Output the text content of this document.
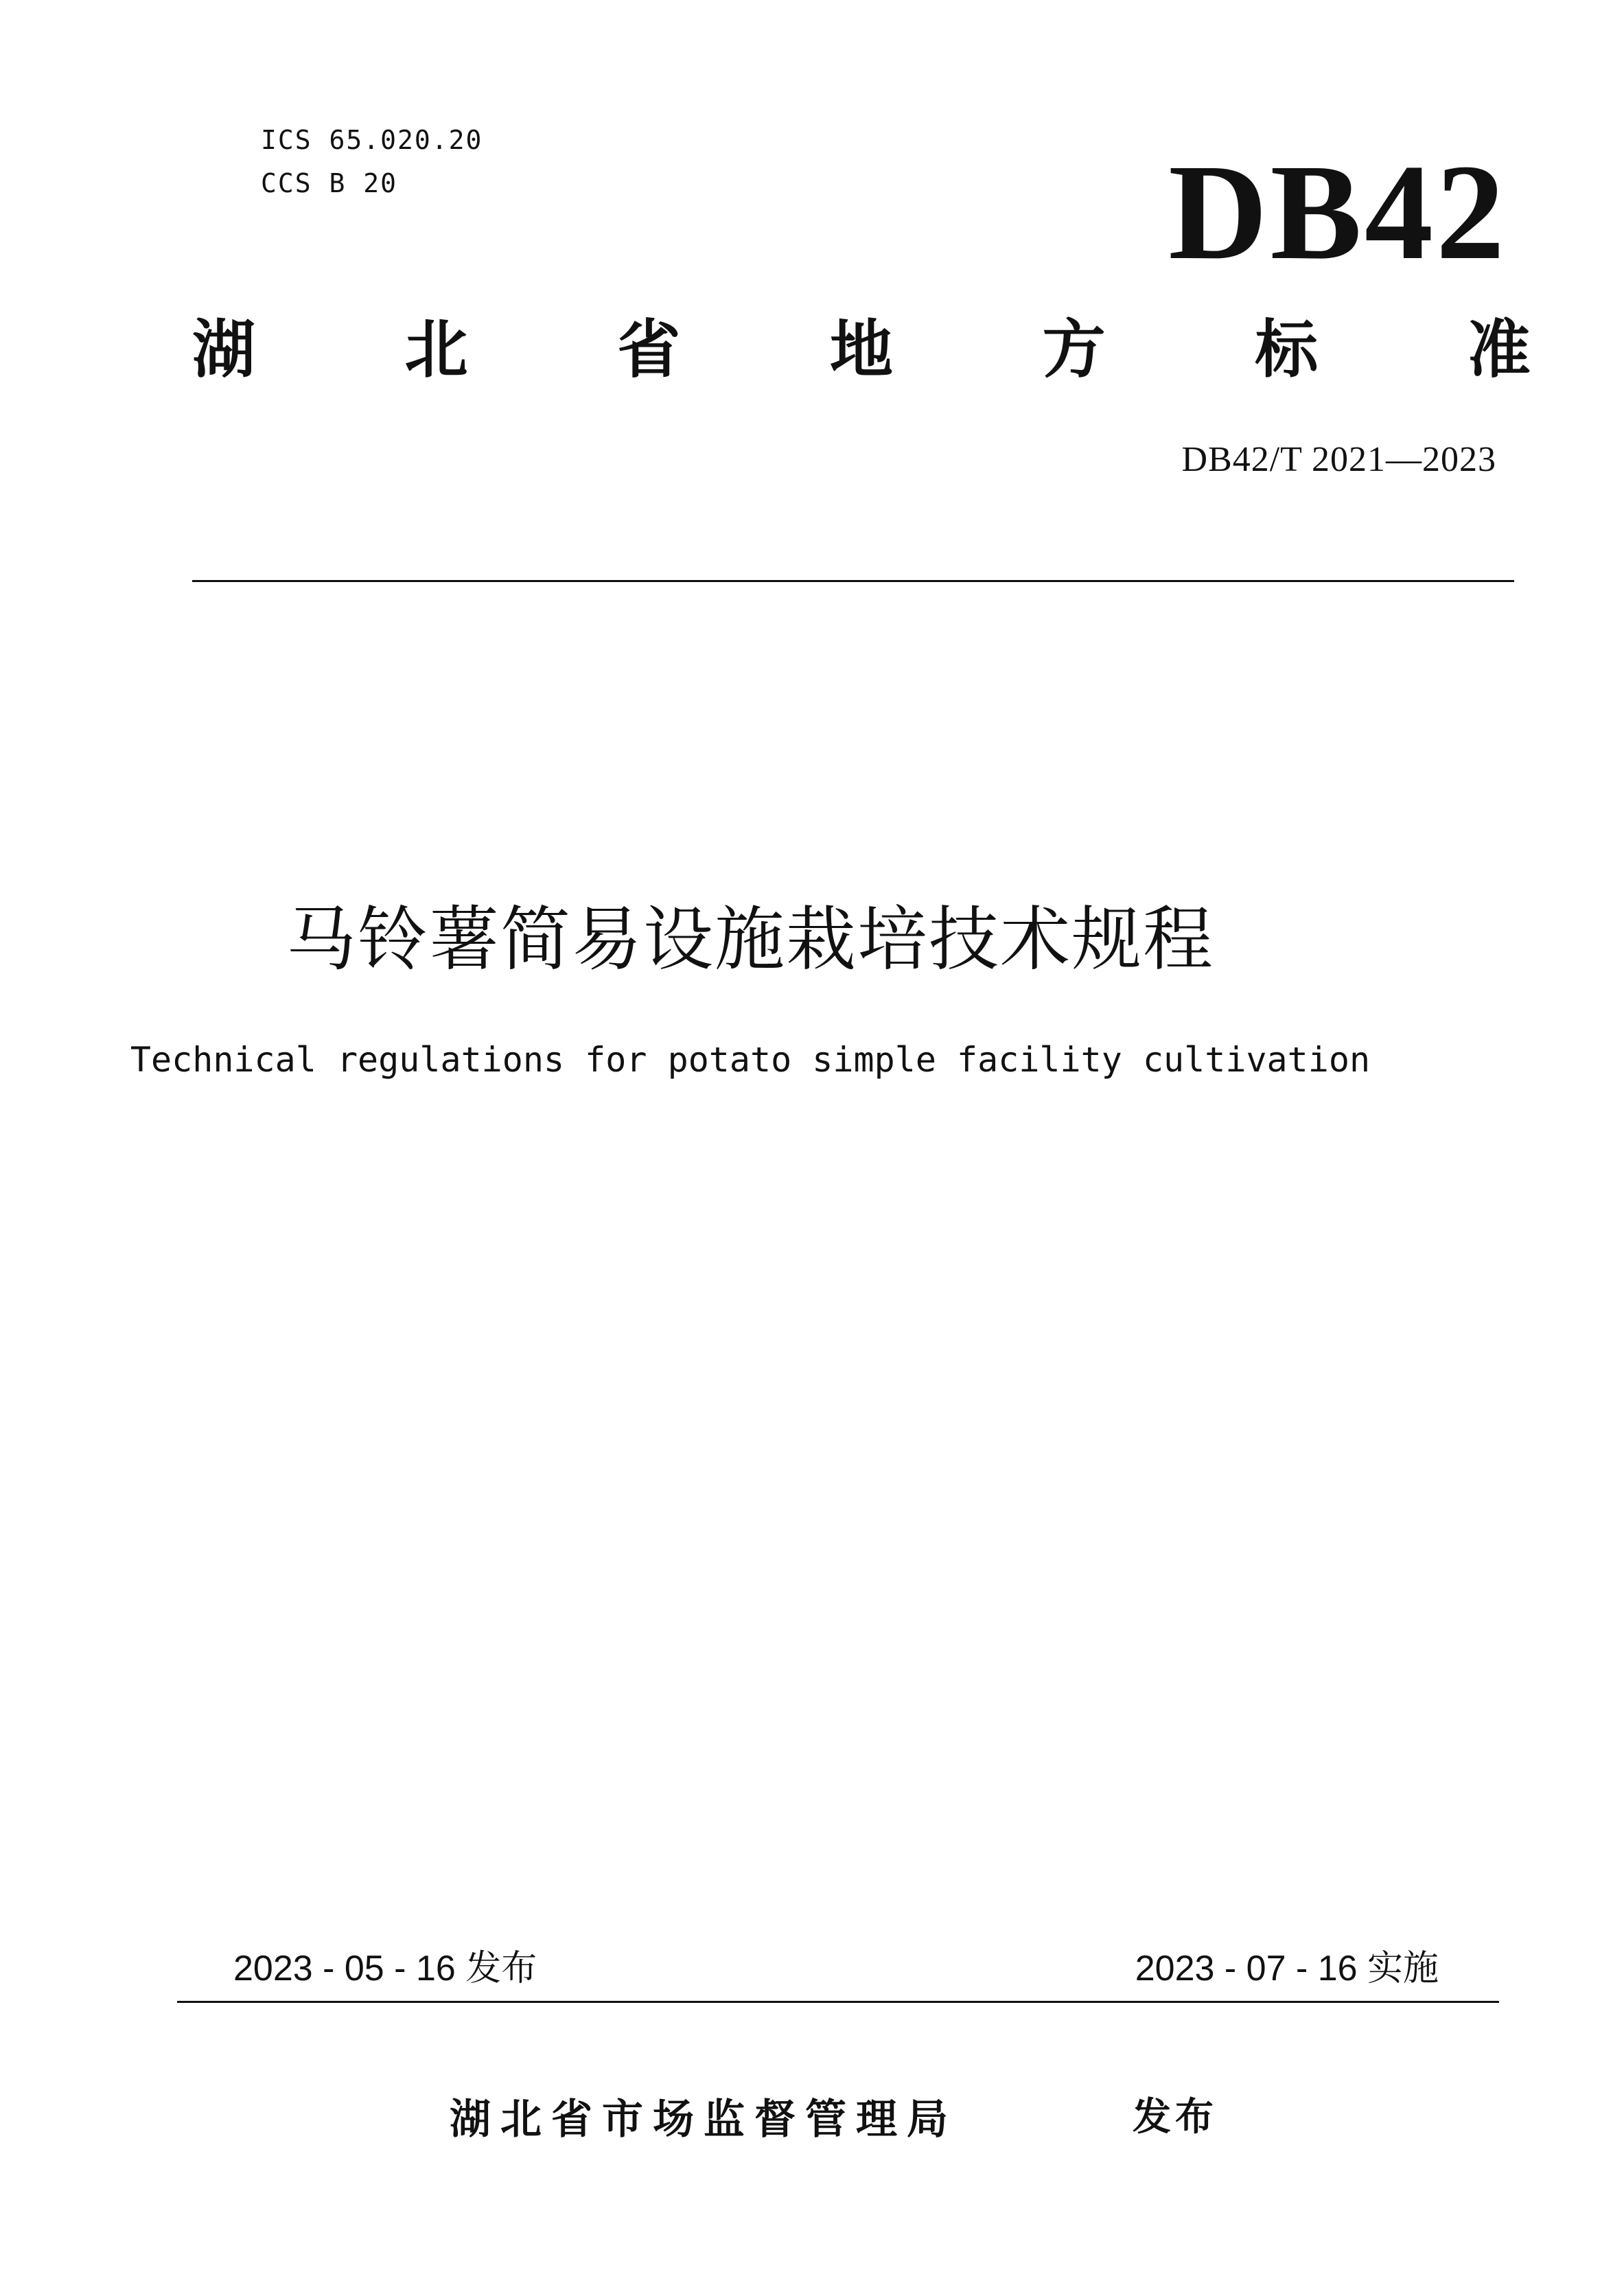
ICS 65.020.20
CCS B 20	DB42
湖 北 省 地 方 标 准
DB42/T 2021—2023
马铃薯简易设施栽培技术规程
Technical regulations for potato simple facility cultivation
2023 - 05 - 16 发布	2023 - 07 - 16 实施
湖北省市场监督管理局	发布
